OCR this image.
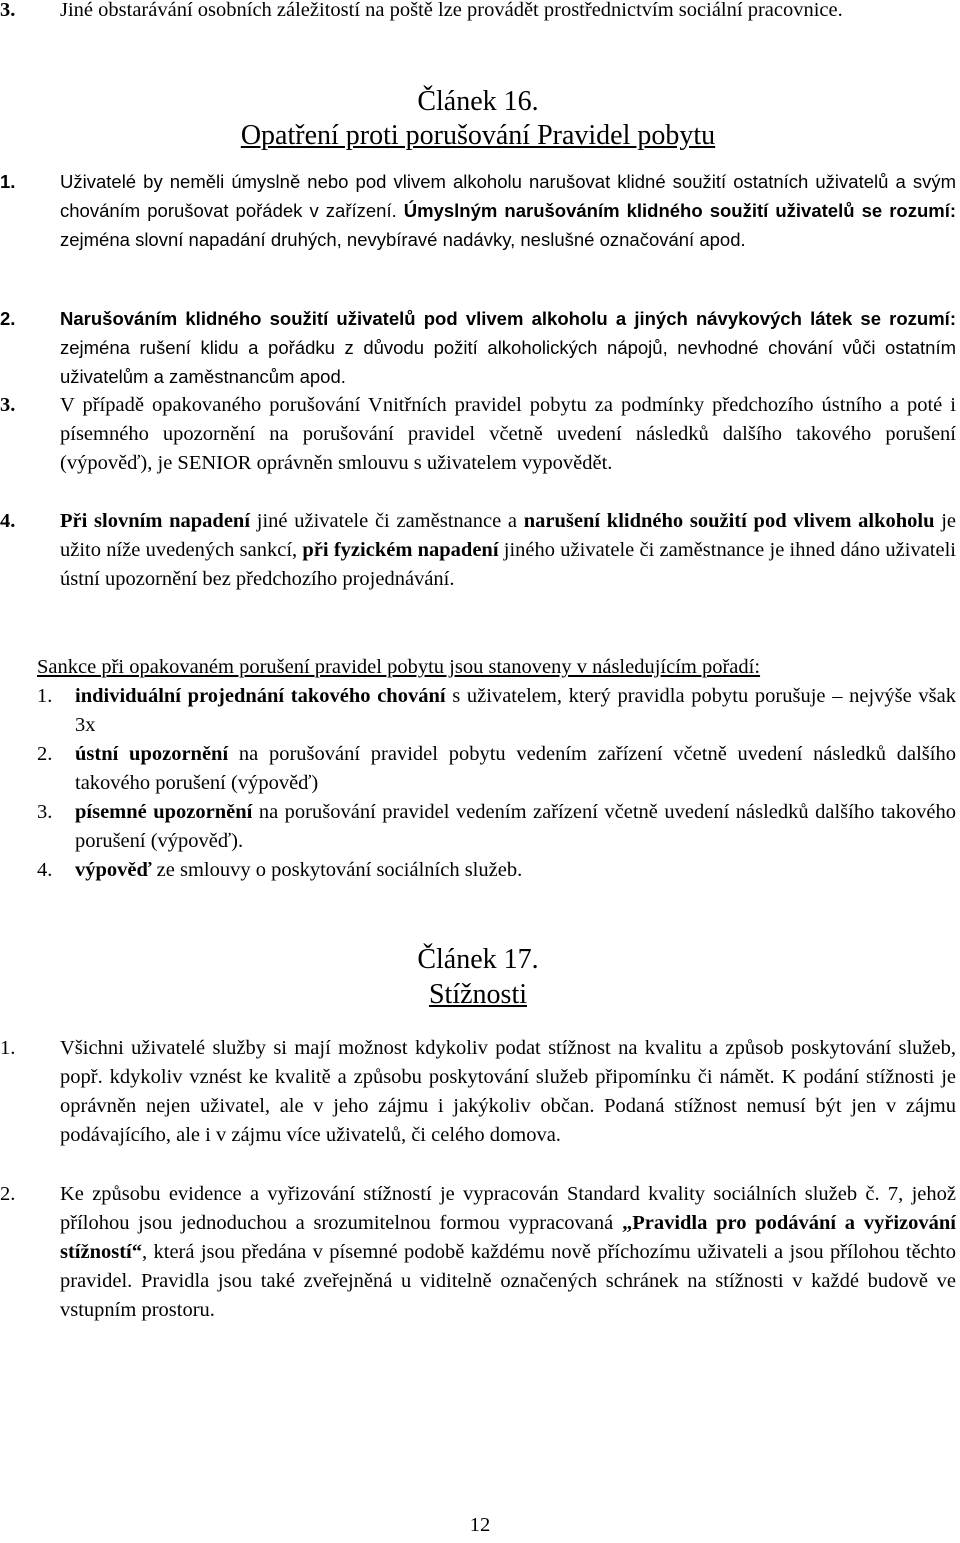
3. Jiné obstarávání osobních záležitostí na poště lze provádět prostřednictvím sociální pracovnice.
Článek 16.
Opatření proti porušování Pravidel pobytu
1. Uživatelé by neměli úmyslně nebo pod vlivem alkoholu narušovat klidné soužití ostatních uživatelů a svým chováním porušovat pořádek v zařízení. Úmyslným narušováním klidného soužití uživatelů se rozumí: zejména slovní napadání druhých, nevybíravé nadávky, neslušné označování apod.
2. Narušováním klidného soužití uživatelů pod vlivem alkoholu a jiných návykových látek se rozumí: zejména rušení klidu a pořádku z důvodu požití alkoholických nápojů, nevhodné chování vůči ostatním uživatelům a zaměstnancům apod.
3. V případě opakovaného porušování Vnitřních pravidel pobytu za podmínky předchozího ústního a poté i písemného upozornění na porušování pravidel včetně uvedení následků dalšího takového porušení (výpověď), je SENIOR oprávněn smlouvu s uživatelem vypovědět.
4. Při slovním napadení jiné uživatele či zaměstnance a narušení klidného soužití pod vlivem alkoholu je užito níže uvedených sankcí, při fyzickém napadení jiného uživatele či zaměstnance je ihned dáno uživateli ústní upozornění bez předchozího projednávání.
Sankce při opakovaném porušení pravidel pobytu jsou stanoveny v následujícím pořadí:
1. individuální projednání takového chování s uživatelem, který pravidla pobytu porušuje – nejvýše však 3x
2. ústní upozornění na porušování pravidel pobytu vedením zařízení včetně uvedení následků dalšího takového porušení (výpověď)
3. písemné upozornění na porušování pravidel vedením zařízení včetně uvedení následků dalšího takového porušení (výpověď).
4. výpověď ze smlouvy o poskytování sociálních služeb.
Článek 17.
Stížnosti
1. Všichni uživatelé služby si mají možnost kdykoliv podat stížnost na kvalitu a způsob poskytování služeb, popř. kdykoliv vznést ke kvalitě a způsobu poskytování služeb připomínku či námět. K podání stížnosti je oprávněn nejen uživatel, ale v jeho zájmu i jakýkoliv občan. Podaná stížnost nemusí být jen v zájmu podávajícího, ale i v zájmu více uživatelů, či celého domova.
2. Ke způsobu evidence a vyřizování stížností je vypracován Standard kvality sociálních služeb č. 7, jehož přílohou jsou jednoduchou a srozumitelnou formou vypracovaná „Pravidla pro podávání a vyřizování stížností“, která jsou předána v písemné podobě každému nově příchozímu uživateli a jsou přílohou těchto pravidel. Pravidla jsou také zveřejněná u viditelně označených schránek na stížnosti v každé budově ve vstupním prostoru.
12
